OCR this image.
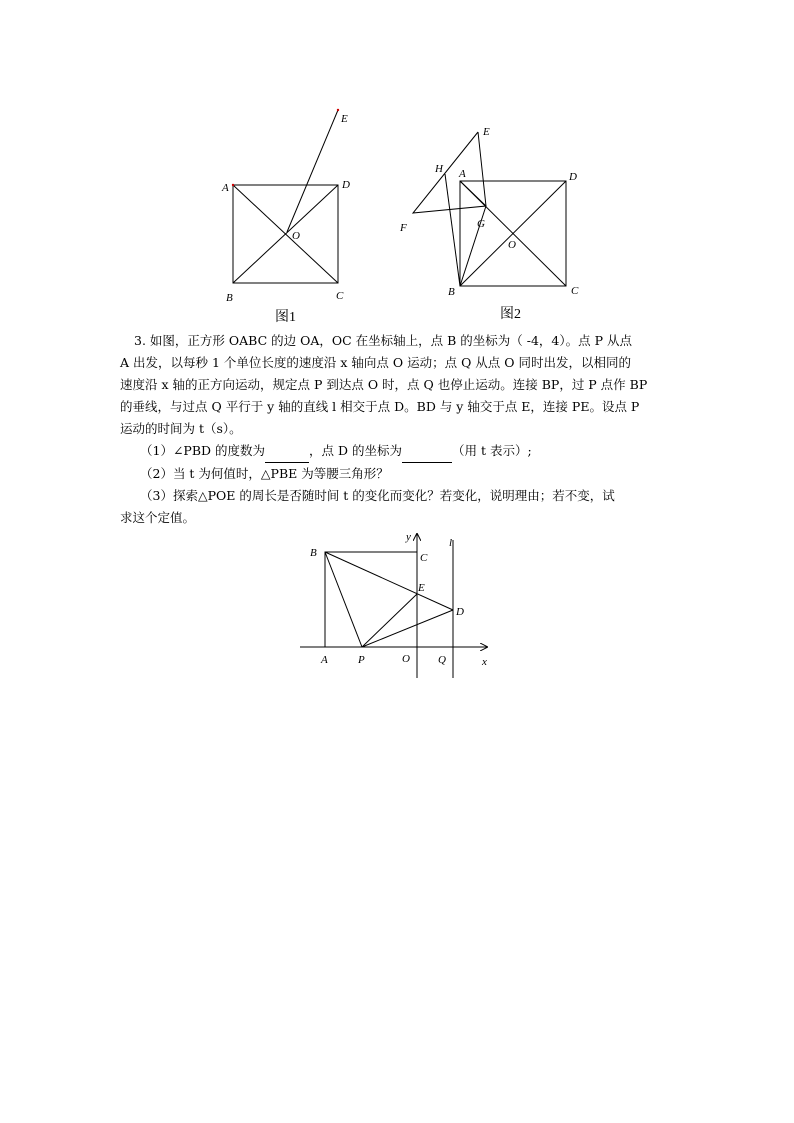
E
A	D
O
B	C
图1
E
H A	D
F	G
O
B	C
图2

3. 如图，正方形 OABC 的边 OA，OC 在坐标轴上，点 B 的坐标为（ -4，4）。点 P 从点

A 出发，以每秒 1 个单位长度的速度沿 x 轴向点 O 运动；点 Q 从点 O 同时出发，以相同的

速度沿 x 轴的正方向运动，规定点 P 到达点 O 时，点 Q 也停止运动。连接 BP，过 P 点作 BP

的垂线，与过点 Q 平行于 y 轴的直线 l 相交于点 D。BD 与 y 轴交于点 E，连接 PE。设点 P

运动的时间为 t（s）。

（1）∠PBD 的度数为	，点 D 的坐标为	（用 t 表示）;

（2）当 t 为何值时，△PBE 为等腰三角形？

（3）探索△POE 的周长是否随时间 t 的变化而变化？若变化，说明理由；若不变，试

求这个定值。

y	l
B	C
E
D
A	P	O	Q	x
